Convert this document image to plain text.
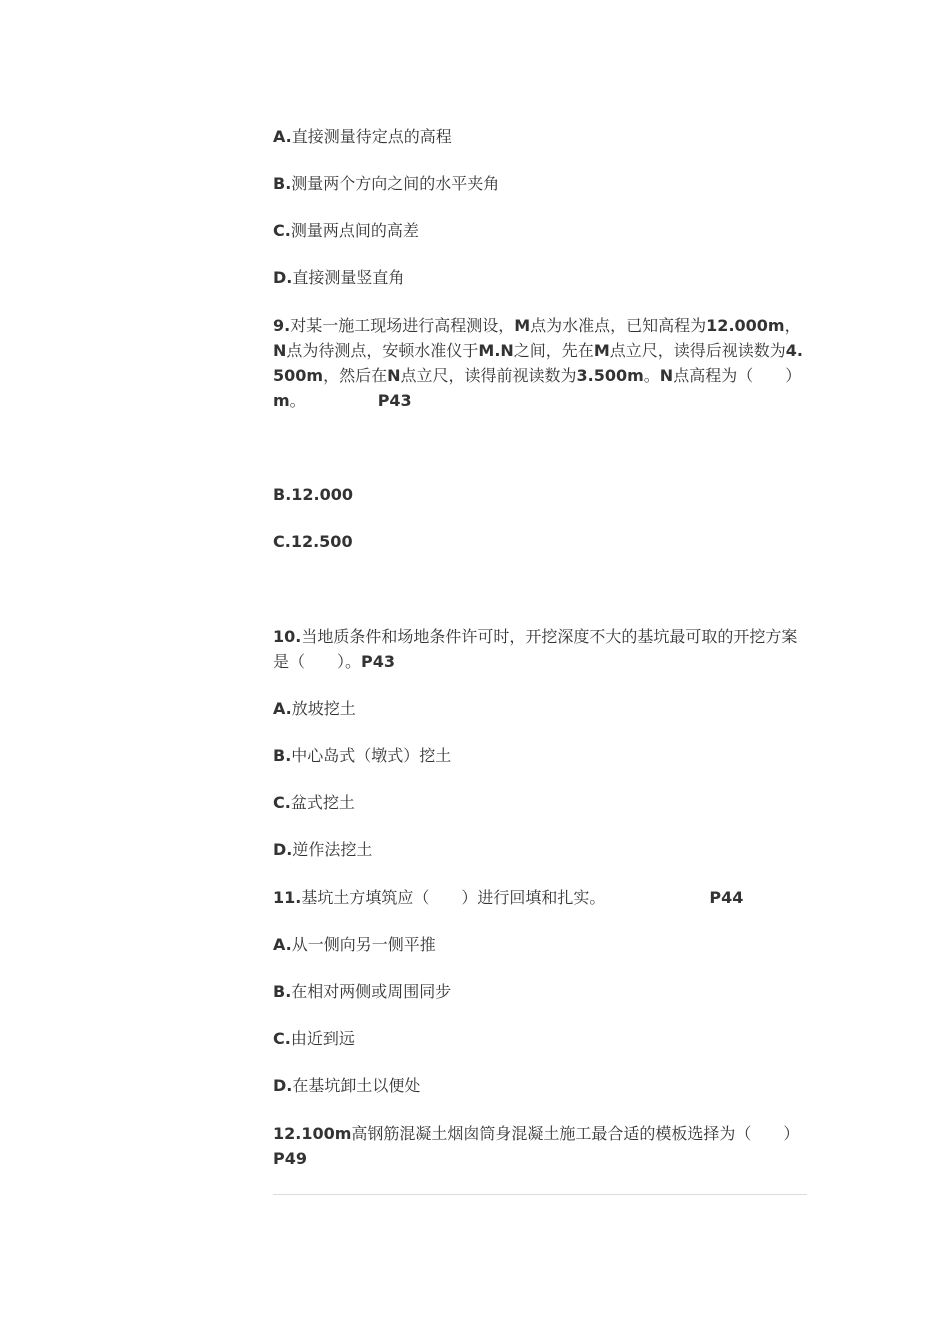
A.直接测量待定点的高程
B.测量两个方向之间的水平夹角
C.测量两点间的高差
D.直接测量竖直角
9.对某一施工现场进行高程测设，M点为水准点，已知高程为12.000m，N点为待测点，安顿水准仪于M.N之间，先在M点立尺，读得后视读数为4.500m，然后在N点立尺，读得前视读数为3.500m。N点高程为（　　）m。　　　　　P43
B.12.000
C.12.500
10.当地质条件和场地条件许可时，开挖深度不大的基坑最可取的开挖方案是（　　）。P43
A.放坡挖土
B.中心岛式（墩式）挖土
C.盆式挖土
D.逆作法挖土
11.基坑土方填筑应（　　）进行回填和扎实。　　　　　　　P44
A.从一侧向另一侧平推
B.在相对两侧或周围同步
C.由近到远
D.在基坑卸土以便处
12.100m高钢筋混凝土烟囱筒身混凝土施工最合适的模板选择为（　　）　　P49
